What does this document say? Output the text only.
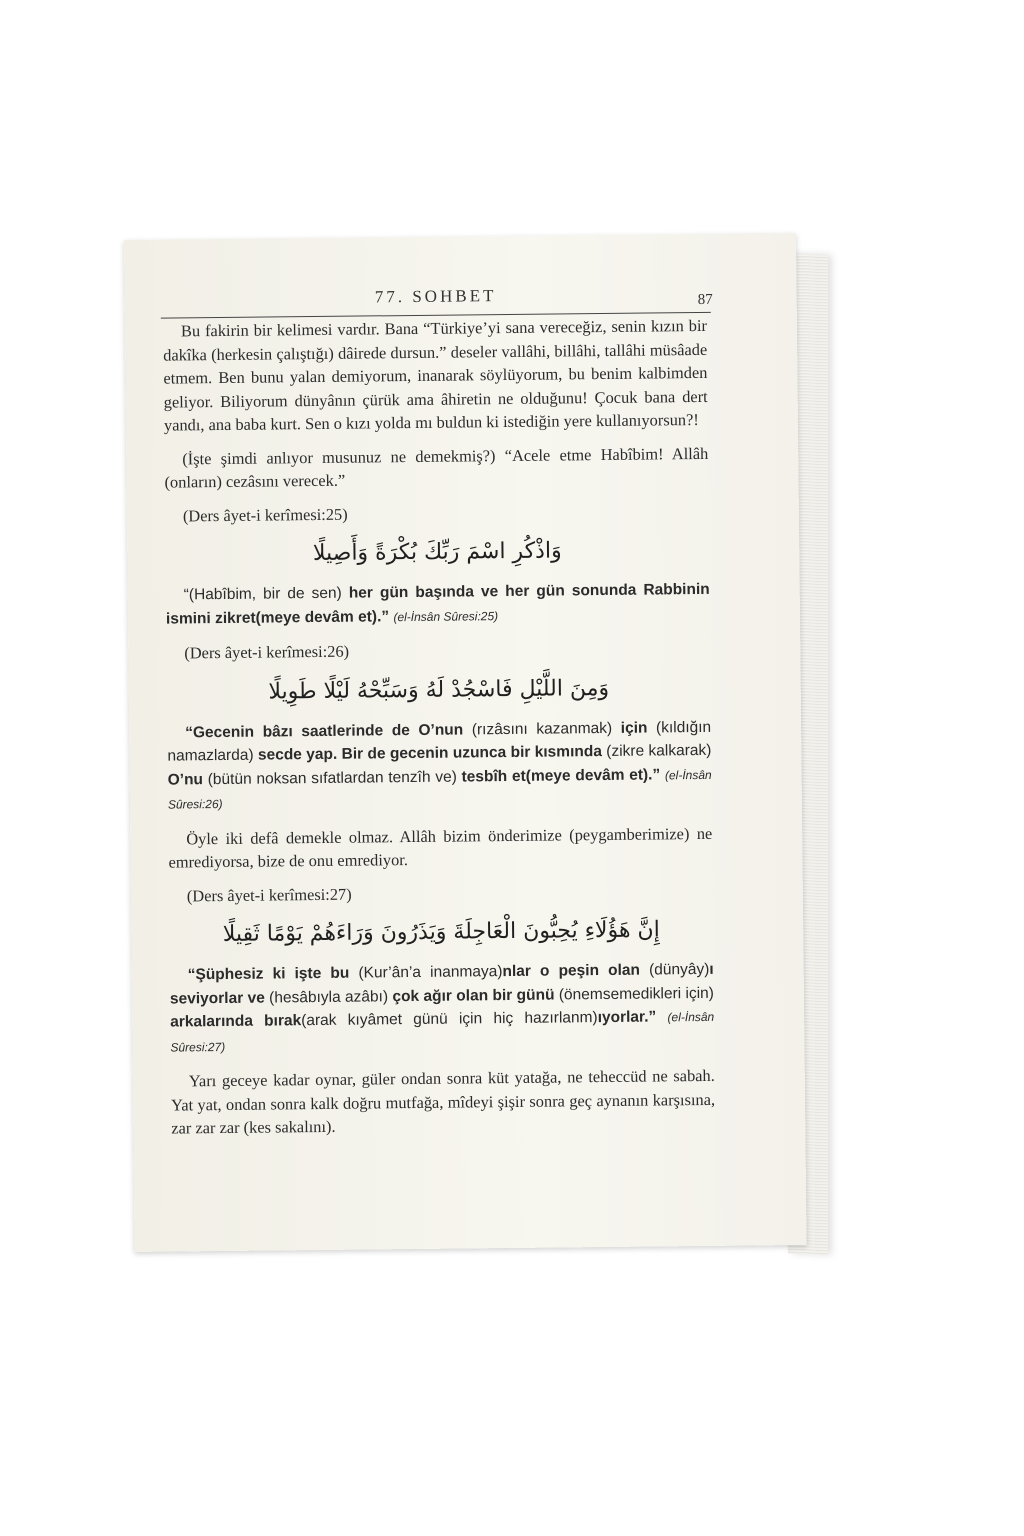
77. SOHBET	87

Bu fakirin bir kelimesi vardır. Bana “Türkiye’yi sana vereceğiz, senin kızın bir dakîka (herkesin çalıştığı) dâirede dursun.” deseler vallâhi, billâhi, tallâhi müsâade etmem. Ben bunu yalan demiyorum, inanarak söylüyorum, bu benim kalbimden geliyor. Biliyorum dünyânın çürük ama âhiretin ne olduğunu! Çocuk bana dert yandı, ana baba kurt. Sen o kızı yolda mı buldun ki istediğin yere kullanıyorsun?!

(İşte şimdi anlıyor musunuz ne demekmiş?) “Acele etme Habîbim! Allâh (onların) cezâsını verecek.”

(Ders âyet-i kerîmesi:25)
وَاذْكُرِ اسْمَ رَبِّكَ بُكْرَةً وَأَصِيلًا

“(Habîbim, bir de sen) her gün başında ve her gün sonunda Rabbinin ismini zikret(meye devâm et).” (el-İnsân Sûresi:25)

(Ders âyet-i kerîmesi:26)
وَمِنَ اللَّيْلِ فَاسْجُدْ لَهُ وَسَبِّحْهُ لَيْلًا طَوِيلًا

“Gecenin bâzı saatlerinde de O’nun (rızâsını kazanmak) için (kıldığın namazlarda) secde yap. Bir de gecenin uzunca bir kısmında (zikre kalkarak) O’nu (bütün noksan sıfatlardan tenzîh ve) tesbîh et(meye devâm et).” (el-İnsân Sûresi:26)

Öyle iki defâ demekle olmaz. Allâh bizim önderimize (peygamberimize) ne emrediyorsa, bize de onu emrediyor.

(Ders âyet-i kerîmesi:27)
إِنَّ هَؤُلَاءِ يُحِبُّونَ الْعَاجِلَةَ وَيَذَرُونَ وَرَاءَهُمْ يَوْمًا ثَقِيلًا

“Şüphesiz ki işte bu (Kur’ân’a inanmaya)nlar o peşin olan (dünyây)ı seviyorlar ve (hesâbıyla azâbı) çok ağır olan bir günü (önemsemedikleri için) arkalarında bırak(arak kıyâmet günü için hiç hazırlanm)ıyorlar.” (el-İnsân Sûresi:27)

Yarı geceye kadar oynar, güler ondan sonra küt yatağa, ne teheccüd ne sabah. Yat yat, ondan sonra kalk doğru mutfağa, mîdeyi şişir sonra geç aynanın karşısına, zar zar zar (kes sakalını).
